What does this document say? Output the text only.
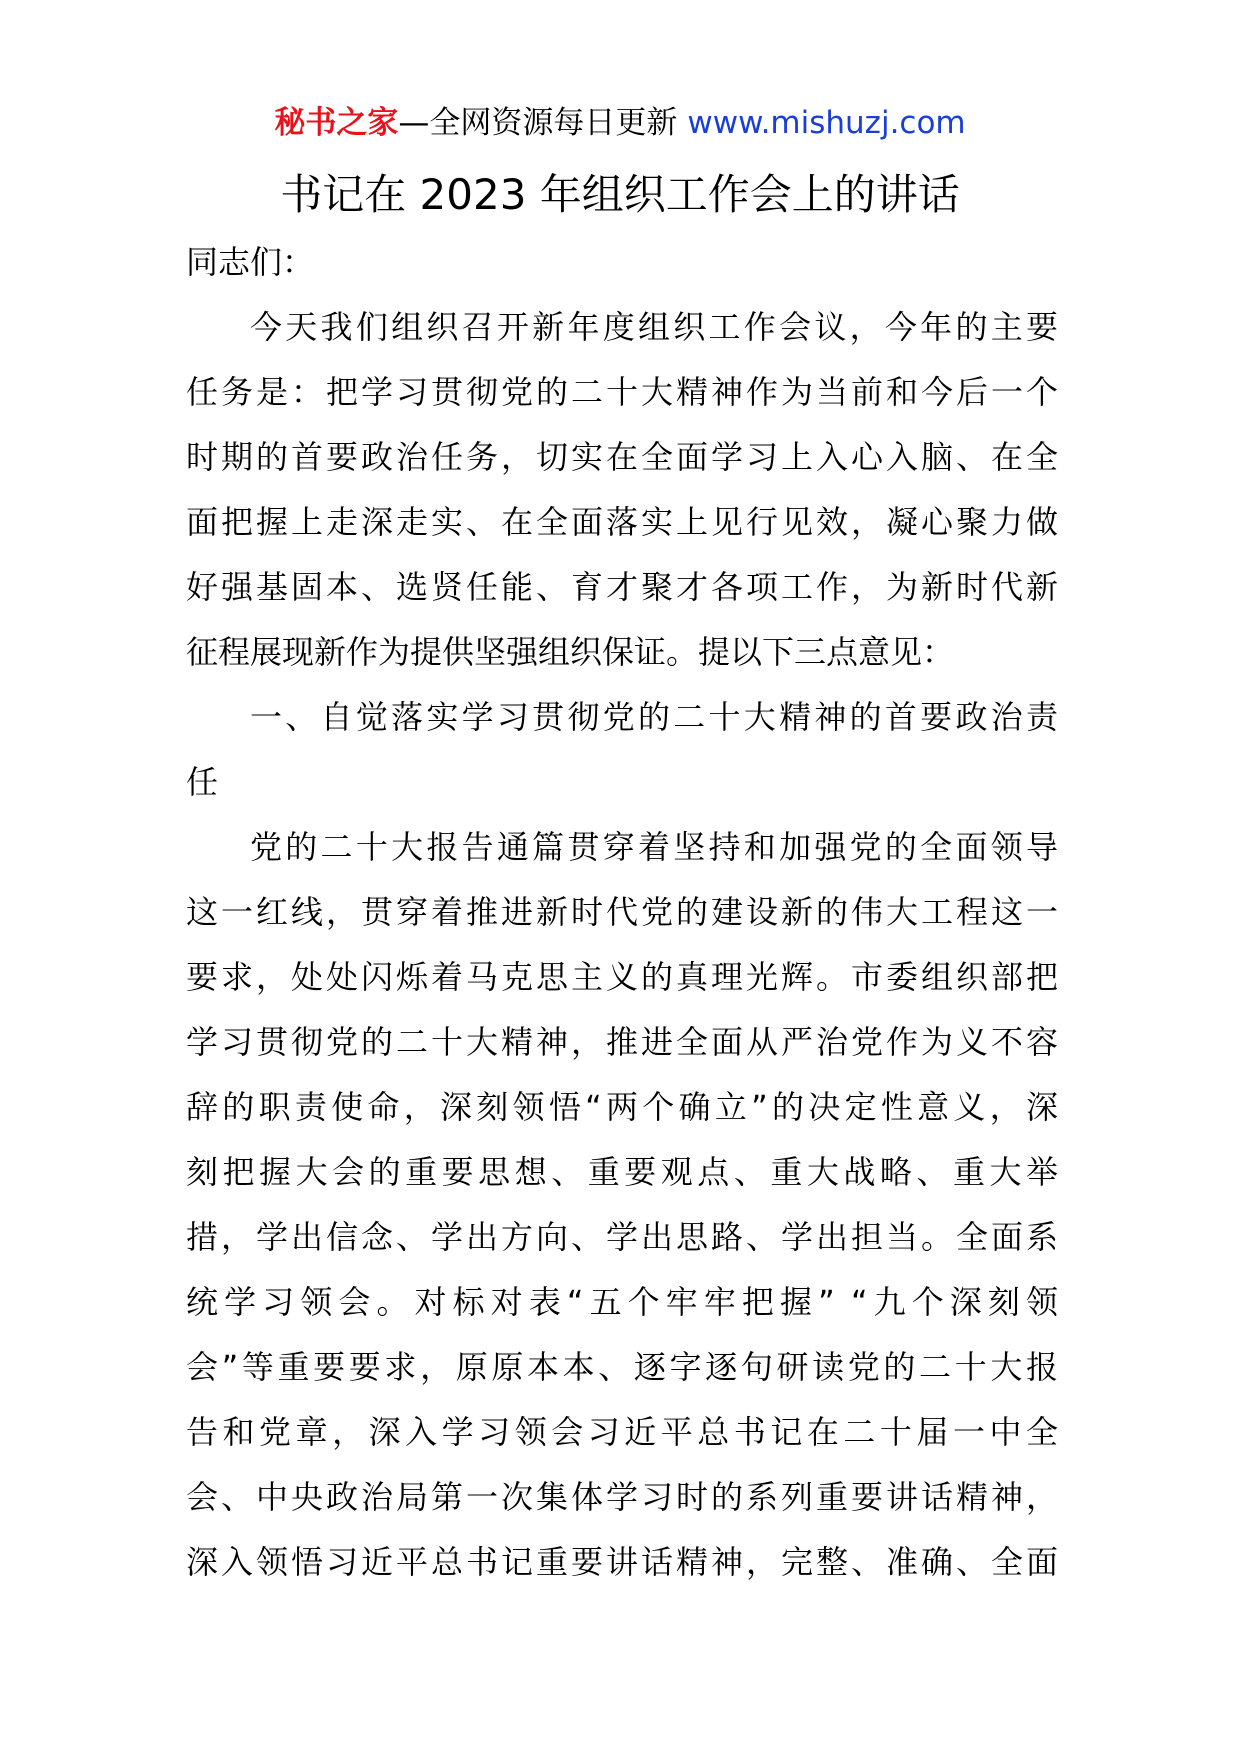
秘书之家—全网资源每日更新 www.mishuzj.com
书记在 2023 年组织工作会上的讲话
同志们：
今天我们组织召开新年度组织工作会议，今年的主要
任务是：把学习贯彻党的二十大精神作为当前和今后一个
时期的首要政治任务，切实在全面学习上入心入脑、在全
面把握上走深走实、在全面落实上见行见效，凝心聚力做
好强基固本、选贤任能、育才聚才各项工作，为新时代新
征程展现新作为提供坚强组织保证。提以下三点意见：
一、自觉落实学习贯彻党的二十大精神的首要政治责
任
党的二十大报告通篇贯穿着坚持和加强党的全面领导
这一红线，贯穿着推进新时代党的建设新的伟大工程这一
要求，处处闪烁着马克思主义的真理光辉。市委组织部把
学习贯彻党的二十大精神，推进全面从严治党作为义不容
辞的职责使命，深刻领悟“两个确立”的决定性意义，深
刻把握大会的重要思想、重要观点、重大战略、重大举
措，学出信念、学出方向、学出思路、学出担当。全面系
统学习领会。对标对表“五个牢牢把握” “九个深刻领
会”等重要要求，原原本本、逐字逐句研读党的二十大报
告和党章，深入学习领会习近平总书记在二十届一中全
会、中央政治局第一次集体学习时的系列重要讲话精神，
深入领悟习近平总书记重要讲话精神，完整、准确、全面
